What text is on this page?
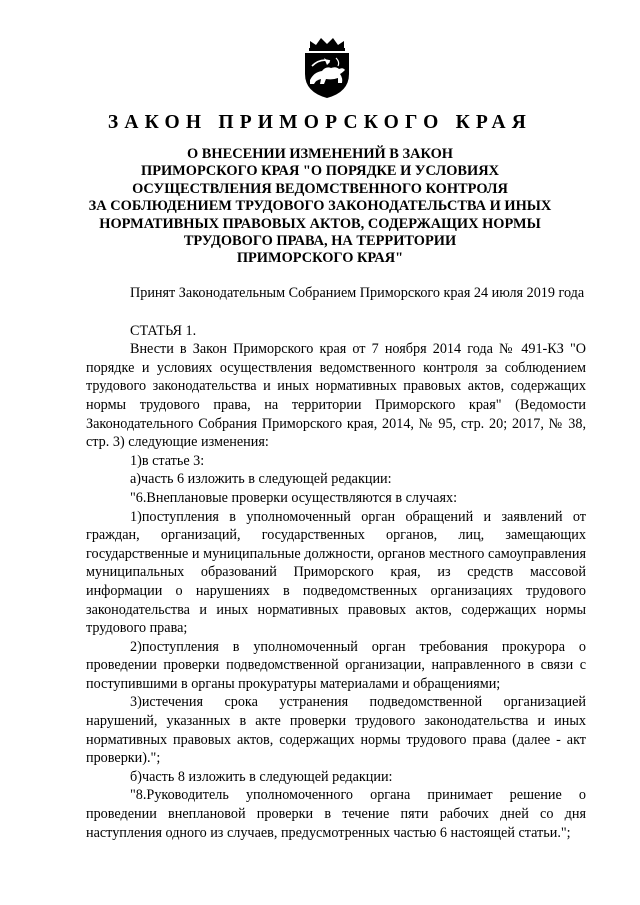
ЗАКОН ПРИМОРСКОГО КРАЯ
О ВНЕСЕНИИ ИЗМЕНЕНИЙ В ЗАКОН
ПРИМОРСКОГО КРАЯ "О ПОРЯДКЕ И УСЛОВИЯХ
ОСУЩЕСТВЛЕНИЯ ВЕДОМСТВЕННОГО КОНТРОЛЯ
ЗА СОБЛЮДЕНИЕМ ТРУДОВОГО ЗАКОНОДАТЕЛЬСТВА И ИНЫХ
НОРМАТИВНЫХ ПРАВОВЫХ АКТОВ, СОДЕРЖАЩИХ НОРМЫ
ТРУДОВОГО ПРАВА, НА ТЕРРИТОРИИ
ПРИМОРСКОГО КРАЯ"

Принят Законодательным Собранием Приморского края 24 июля 2019 года

СТАТЬЯ 1.

Внести в Закон Приморского края от 7 ноября 2014 года № 491-КЗ "О порядке и условиях осуществления ведомственного контроля за соблюдением трудового законодательства и иных нормативных правовых актов, содержащих нормы трудового права, на территории Приморского края" (Ведомости Законодательного Собрания Приморского края, 2014, № 95, стр. 20; 2017, № 38, стр. 3) следующие изменения:

1)в статье 3:

а)часть 6 изложить в следующей редакции:

"6.Внеплановые проверки осуществляются в случаях:

1)поступления в уполномоченный орган обращений и заявлений от граждан, организаций, государственных органов, лиц, замещающих государственные и муниципальные должности, органов местного самоуправления муниципальных образований Приморского края, из средств массовой информации о нарушениях в подведомственных организациях трудового законодательства и иных нормативных правовых актов, содержащих нормы трудового права;

2)поступления в уполномоченный орган требования прокурора о проведении проверки подведомственной организации, направленного в связи с поступившими в органы прокуратуры материалами и обращениями;

3)истечения срока устранения подведомственной организацией нарушений, указанных в акте проверки трудового законодательства и иных нормативных правовых актов, содержащих нормы трудового права (далее - акт проверки).";

б)часть 8 изложить в следующей редакции:

"8.Руководитель уполномоченного органа принимает решение о проведении внеплановой проверки в течение пяти рабочих дней со дня наступления одного из случаев, предусмотренных частью 6 настоящей статьи.";
